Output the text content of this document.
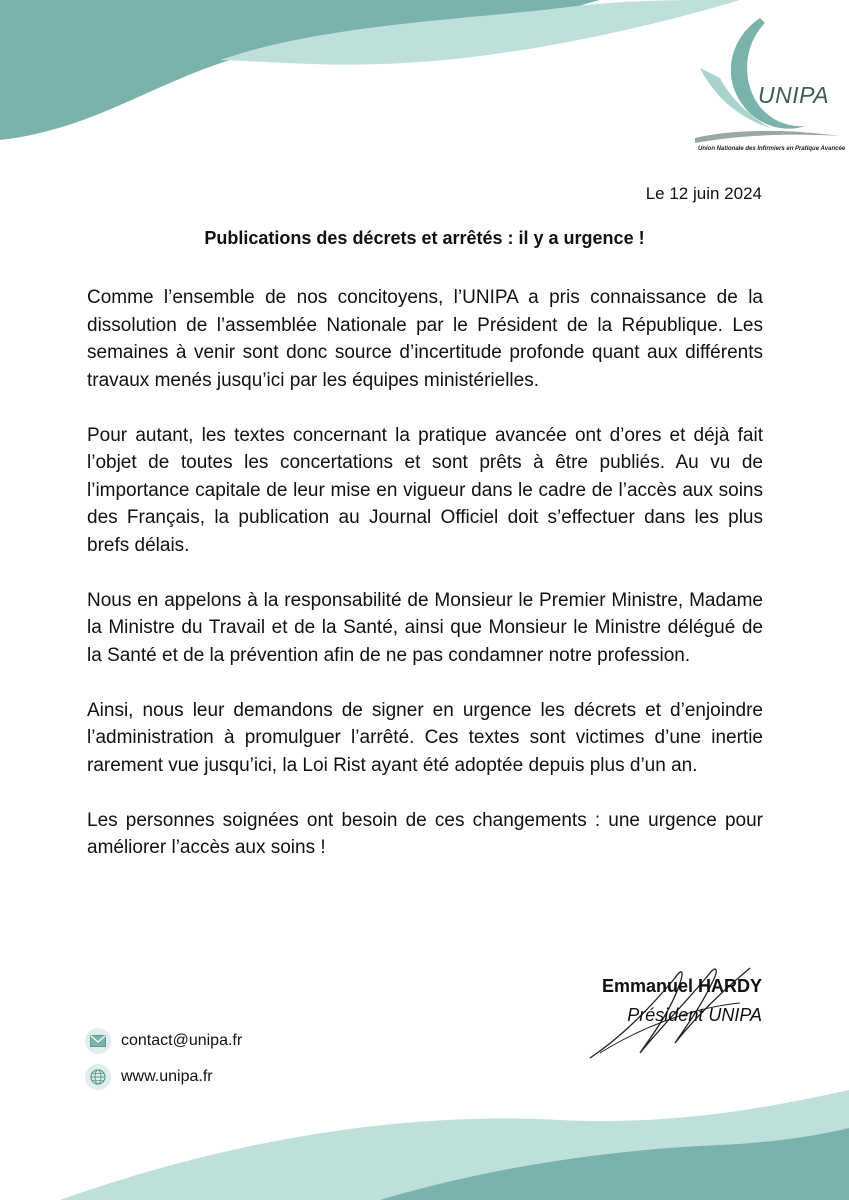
UNIPA
Union Nationale des Infirmiers en Pratique Avancée
Le 12 juin 2024
Publications des décrets et arrêtés : il y a urgence !

Comme l’ensemble de nos concitoyens, l’UNIPA a pris connaissance de la dissolution de l’assemblée Nationale par le Président de la République. Les semaines à venir sont donc source d’incertitude profonde quant aux différents travaux menés jusqu’ici par les équipes ministérielles.

Pour autant, les textes concernant la pratique avancée ont d’ores et déjà fait l’objet de toutes les concertations et sont prêts à être publiés. Au vu de l’importance capitale de leur mise en vigueur dans le cadre de l’accès aux soins des Français, la publication au Journal Officiel doit s’effectuer dans les plus brefs délais.

Nous en appelons à la responsabilité de Monsieur le Premier Ministre, Madame la Ministre du Travail et de la Santé, ainsi que Monsieur le Ministre délégué de la Santé et de la prévention afin de ne pas condamner notre profession.

Ainsi, nous leur demandons de signer en urgence les décrets et d’enjoindre l’administration à promulguer l’arrêté. Ces textes sont victimes d’une inertie rarement vue jusqu’ici, la Loi Rist ayant été adoptée depuis plus d’un an.

Les personnes soignées ont besoin de ces changements : une urgence pour améliorer l’accès aux soins !

Emmanuel HARDY
Président UNIPA
contact@unipa.fr
www.unipa.fr
